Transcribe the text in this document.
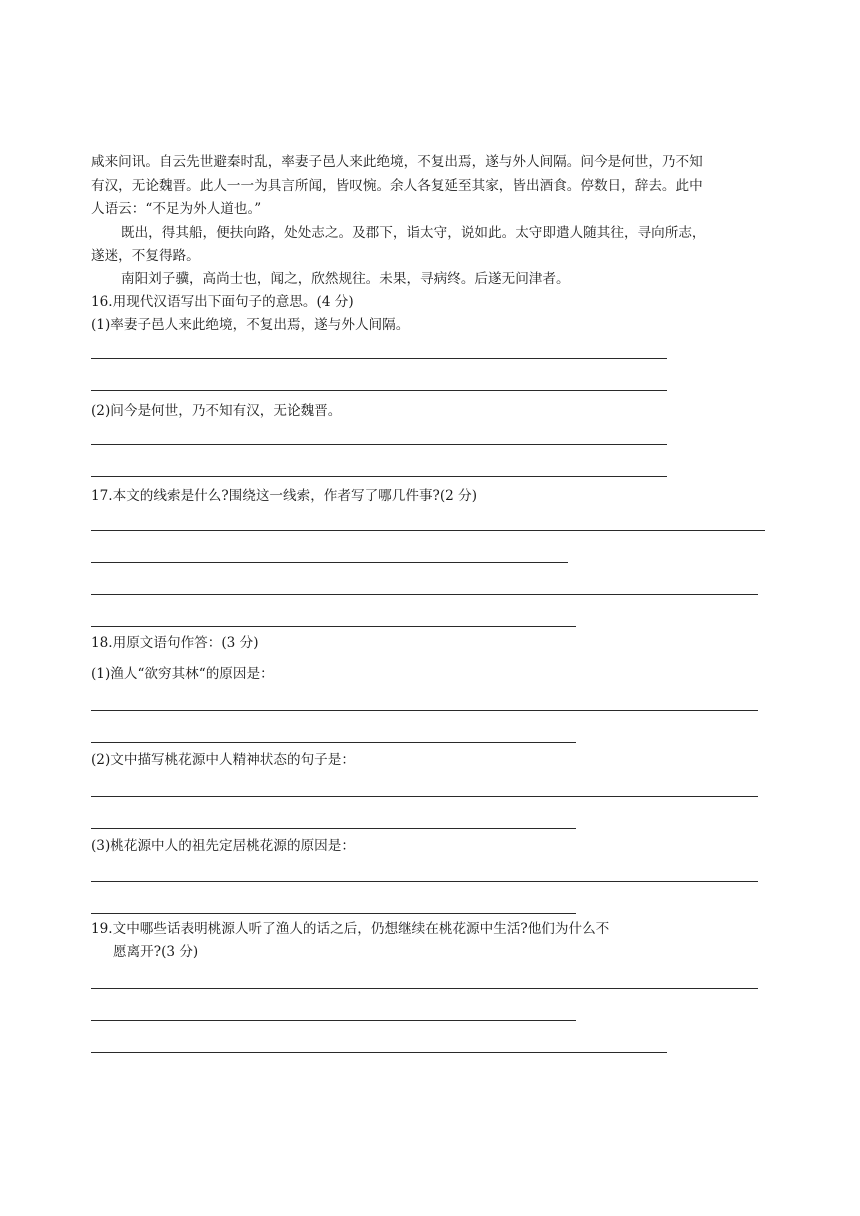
咸来问讯。自云先世避秦时乱，率妻子邑人来此绝境，不复出焉，遂与外人间隔。问今是何世，乃不知
有汉，无论魏晋。此人一一为具言所闻，皆叹惋。余人各复延至其家，皆出酒食。停数日，辞去。此中
人语云：“不足为外人道也。”
既出，得其船，便扶向路，处处志之。及郡下，诣太守，说如此。太守即遣人随其往，寻向所志，
遂迷，不复得路。
南阳刘子骥，高尚士也，闻之，欣然规往。未果，寻病终。后遂无问津者。
16.用现代汉语写出下面句子的意思。(4 分)
(1)率妻子邑人来此绝境，不复出焉，遂与外人间隔。
(2)问今是何世，乃不知有汉，无论魏晋。
17.本文的线索是什么?围绕这一线索，作者写了哪几件事?(2 分)
18.用原文语句作答：(3 分)
(1)渔人“欲穷其林“的原因是：
(2)文中描写桃花源中人精神状态的句子是：
(3)桃花源中人的祖先定居桃花源的原因是：
19.文中哪些话表明桃源人听了渔人的话之后，仍想继续在桃花源中生活?他们为什么不
愿离开?(3 分)
